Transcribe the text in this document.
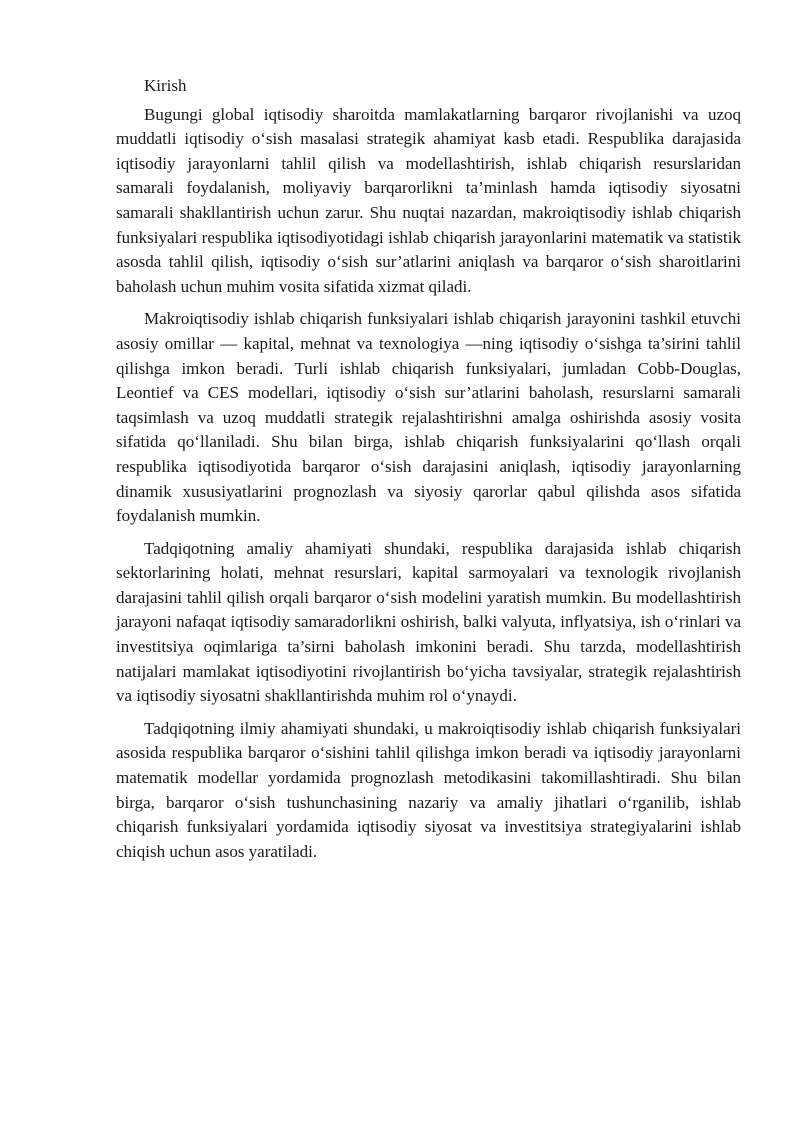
Kirish

Bugungi global iqtisodiy sharoitda mamlakatlarning barqaror rivojlanishi va uzoq muddatli iqtisodiy o‘sish masalasi strategik ahamiyat kasb etadi. Respublika darajasida iqtisodiy jarayonlarni tahlil qilish va modellashtirish, ishlab chiqarish resurslaridan samarali foydalanish, moliyaviy barqarorlikni ta’minlash hamda iqtisodiy siyosatni samarali shakllantirish uchun zarur. Shu nuqtai nazardan, makroiqtisodiy ishlab chiqarish funksiyalari respublika iqtisodiyotidagi ishlab chiqarish jarayonlarini matematik va statistik asosda tahlil qilish, iqtisodiy o‘sish sur’atlarini aniqlash va barqaror o‘sish sharoitlarini baholash uchun muhim vosita sifatida xizmat qiladi.

Makroiqtisodiy ishlab chiqarish funksiyalari ishlab chiqarish jarayonini tashkil etuvchi asosiy omillar — kapital, mehnat va texnologiya —ning iqtisodiy o‘sishga ta’sirini tahlil qilishga imkon beradi. Turli ishlab chiqarish funksiyalari, jumladan Cobb-Douglas, Leontief va CES modellari, iqtisodiy o‘sish sur’atlarini baholash, resurslarni samarali taqsimlash va uzoq muddatli strategik rejalashtirishni amalga oshirishda asosiy vosita sifatida qo‘llaniladi. Shu bilan birga, ishlab chiqarish funksiyalarini qo‘llash orqali respublika iqtisodiyotida barqaror o‘sish darajasini aniqlash, iqtisodiy jarayonlarning dinamik xususiyatlarini prognozlash va siyosiy qarorlar qabul qilishda asos sifatida foydalanish mumkin.

Tadqiqotning amaliy ahamiyati shundaki, respublika darajasida ishlab chiqarish sektorlarining holati, mehnat resurslari, kapital sarmoyalari va texnologik rivojlanish darajasini tahlil qilish orqali barqaror o‘sish modelini yaratish mumkin. Bu modellashtirish jarayoni nafaqat iqtisodiy samaradorlikni oshirish, balki valyuta, inflyatsiya, ish o‘rinlari va investitsiya oqimlariga ta’sirni baholash imkonini beradi. Shu tarzda, modellashtirish natijalari mamlakat iqtisodiyotini rivojlantirish bo‘yicha tavsiyalar, strategik rejalashtirish va iqtisodiy siyosatni shakllantirishda muhim rol o‘ynaydi.

Tadqiqotning ilmiy ahamiyati shundaki, u makroiqtisodiy ishlab chiqarish funksiyalari asosida respublika barqaror o‘sishini tahlil qilishga imkon beradi va iqtisodiy jarayonlarni matematik modellar yordamida prognozlash metodikasini takomillashtiradi. Shu bilan birga, barqaror o‘sish tushunchasining nazariy va amaliy jihatlari o‘rganilib, ishlab chiqarish funksiyalari yordamida iqtisodiy siyosat va investitsiya strategiyalarini ishlab chiqish uchun asos yaratiladi.
